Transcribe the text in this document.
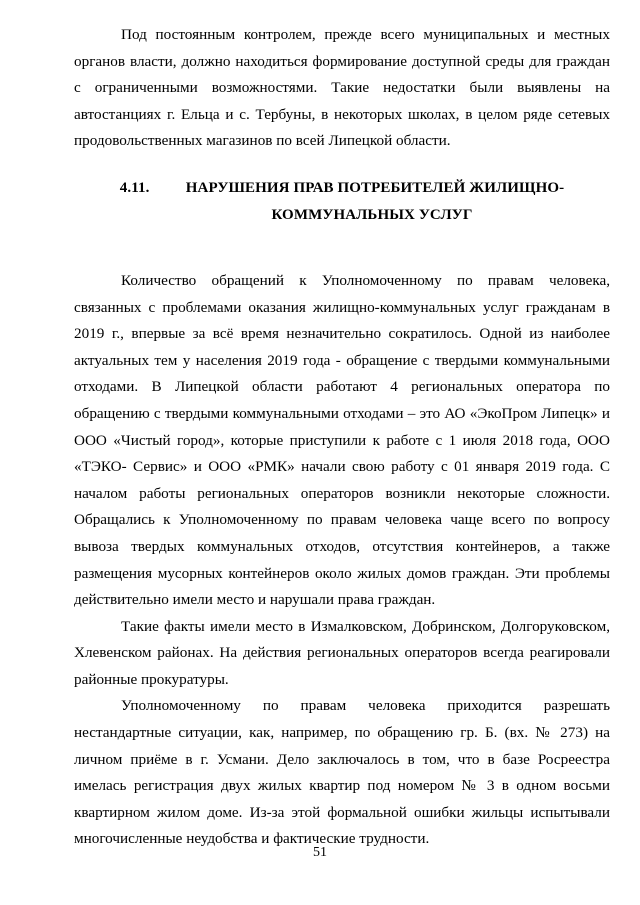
Под постоянным контролем, прежде всего муниципальных и местных органов власти, должно находиться формирование доступной среды для граждан с ограниченными возможностями. Такие недостатки были выявлены на автостанциях г. Ельца и с. Тербуны, в некоторых школах, в целом ряде сетевых продовольственных магазинов по всей Липецкой области.

4.11. НАРУШЕНИЯ ПРАВ ПОТРЕБИТЕЛЕЙ ЖИЛИЩНО-
КОММУНАЛЬНЫХ УСЛУГ

Количество обращений к Уполномоченному по правам человека, связанных с проблемами оказания жилищно-коммунальных услуг гражданам в 2019 г., впервые за всё время незначительно сократилось. Одной из наиболее актуальных тем у населения 2019 года - обращение с твердыми коммунальными отходами. В Липецкой области работают 4 региональных оператора по обращению с твердыми коммунальными отходами – это АО «ЭкоПром Липецк» и ООО «Чистый город», которые приступили к работе с 1 июля 2018 года, ООО «ТЭКО- Сервис» и ООО «РМК» начали свою работу с 01 января 2019 года. С началом работы региональных операторов возникли некоторые сложности. Обращались к Уполномоченному по правам человека чаще всего по вопросу вывоза твердых коммунальных отходов, отсутствия контейнеров, а также размещения мусорных контейнеров около жилых домов граждан. Эти проблемы действительно имели место и нарушали права граждан.

Такие факты имели место в Измалковском, Добринском, Долгоруковском, Хлевенском районах. На действия региональных операторов всегда реагировали районные прокуратуры.

Уполномоченному по правам человека приходится разрешать нестандартные ситуации, как, например, по обращению гр. Б. (вх. № 273) на личном приёме в г. Усмани. Дело заключалось в том, что в базе Росреестра имелась регистрация двух жилых квартир под номером № 3 в одном восьми квартирном жилом доме. Из-за этой формальной ошибки жильцы испытывали многочисленные неудобства и фактические трудности.

51
